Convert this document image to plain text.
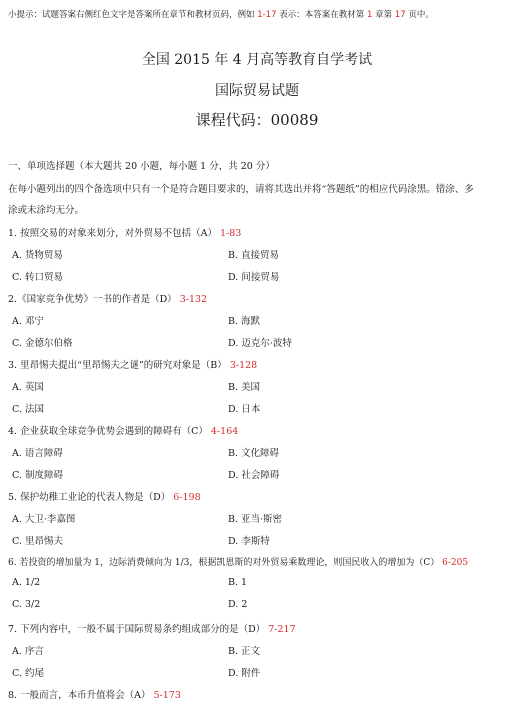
小提示：试题答案右侧红色文字是答案所在章节和教材页码，例如 1-17 表示：本答案在教材第 1 章第 17 页中。
全国 2015 年 4 月高等教育自学考试
国际贸易试题
课程代码：00089
一、单项选择题（本大题共 20 小题，每小题 1 分，共 20 分）
在每小题列出的四个备选项中只有一个是符合题目要求的，请将其选出并将“答题纸”的相应代码涂黑。错涂、多
涂或未涂均无分。
1. 按照交易的对象来划分，对外贸易不包括（A） 1-83
A. 货物贸易	B. 直接贸易
C. 转口贸易	D. 间接贸易
2.《国家竞争优势》一书的作者是（D） 3-132
A. 邓宁	B. 海默
C. 金德尔伯格	D. 迈克尔·波特
3. 里昂惕夫提出“里昂惕夫之谜”的研究对象是（B） 3-128
A. 英国	B. 美国
C. 法国	D. 日本
4. 企业获取全球竞争优势会遇到的障碍有（C） 4-164
A. 语言障碍	B. 文化障碍
C. 制度障碍	D. 社会障碍
5. 保护幼稚工业论的代表人物是（D） 6-198
A. 大卫·李嘉图	B. 亚当·斯密
C. 里昂惕夫	D. 李斯特
6. 若投资的增加量为 1，边际消费倾向为 1/3，根据凯恩斯的对外贸易乘数理论，则国民收入的增加为（C） 6-205
A. 1/2	B. 1
C. 3/2	D. 2
7. 下列内容中，一般不属于国际贸易条约组成部分的是（D） 7-217
A. 序言	B. 正文
C. 约尾	D. 附件
8. 一般而言，本币升值将会（A） 5-173
